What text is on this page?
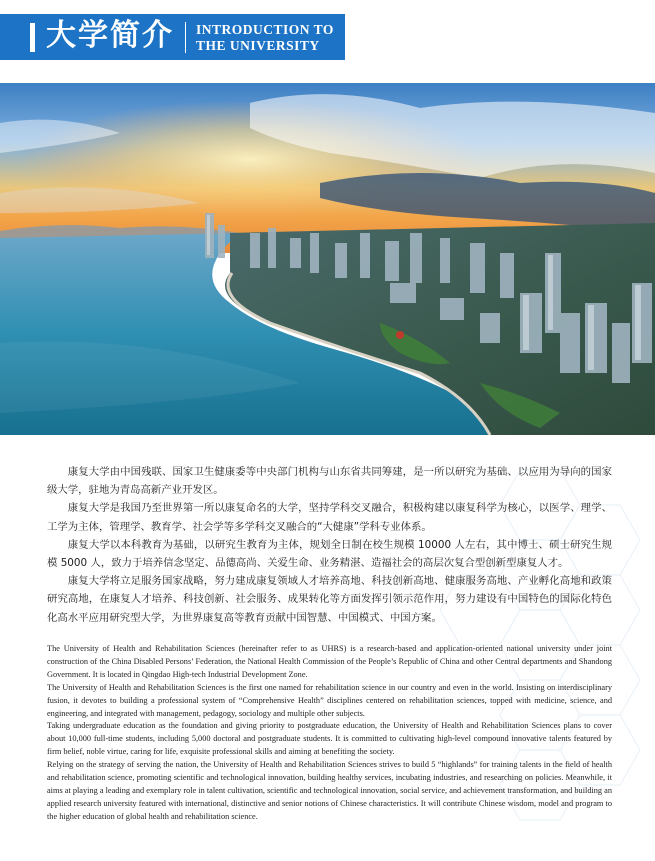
大学简介 INTRODUCTION TO
THE UNIVERSITY

康复大学由中国残联、国家卫生健康委等中央部门机构与山东省共同筹建，是一所以研究为基础、以应用为导向的国家级大学，驻地为青岛高新产业开发区。

康复大学是我国乃至世界第一所以康复命名的大学，坚持学科交叉融合，积极构建以康复科学为核心，以医学、理学、工学为主体，管理学、教育学、社会学等多学科交叉融合的“大健康”学科专业体系。

康复大学以本科教育为基础，以研究生教育为主体，规划全日制在校生规模 10000 人左右，其中博士、硕士研究生规模 5000 人，致力于培养信念坚定、品德高尚、关爱生命、业务精湛、造福社会的高层次复合型创新型康复人才。

康复大学将立足服务国家战略，努力建成康复领域人才培养高地、科技创新高地、健康服务高地、产业孵化高地和政策研究高地，在康复人才培养、科技创新、社会服务、成果转化等方面发挥引领示范作用，努力建设有中国特色的国际化特色化高水平应用研究型大学，为世界康复高等教育贡献中国智慧、中国模式、中国方案。

The University of Health and Rehabilitation Sciences (hereinafter refer to as UHRS) is a research-based and application-oriented national university under joint construction of the China Disabled Persons’ Federation, the National Health Commission of the People’s Republic of China and other Central departments and Shandong Government. It is located in Qingdao High-tech Industrial Development Zone.

The University of Health and Rehabilitation Sciences is the first one named for rehabilitation science in our country and even in the world. Insisting on interdisciplinary fusion, it devotes to building a professional system of “Comprehensive Health” disciplines centered on rehabilitation sciences, topped with medicine, science, and engineering, and integrated with management, pedagogy, sociology and multiple other subjects.

Taking undergraduate education as the foundation and giving priority to postgraduate education, the University of Health and Rehabilitation Sciences plans to cover about 10,000 full-time students, including 5,000 doctoral and postgraduate students. It is committed to cultivating high-level compound innovative talents featured by firm belief, noble virtue, caring for life, exquisite professional skills and aiming at benefiting the society.

Relying on the strategy of serving the nation, the University of Health and Rehabilitation Sciences strives to build 5 “highlands” for training talents in the field of health and rehabilitation science, promoting scientific and technological innovation, building healthy services, incubating industries, and researching on policies. Meanwhile, it aims at playing a leading and exemplary role in talent cultivation, scientific and technological innovation, social service, and achievement transformation, and building an applied research university featured with international, distinctive and senior notions of Chinese characteristics. It will contribute Chinese wisdom, model and program to the higher education of global health and rehabilitation science.
